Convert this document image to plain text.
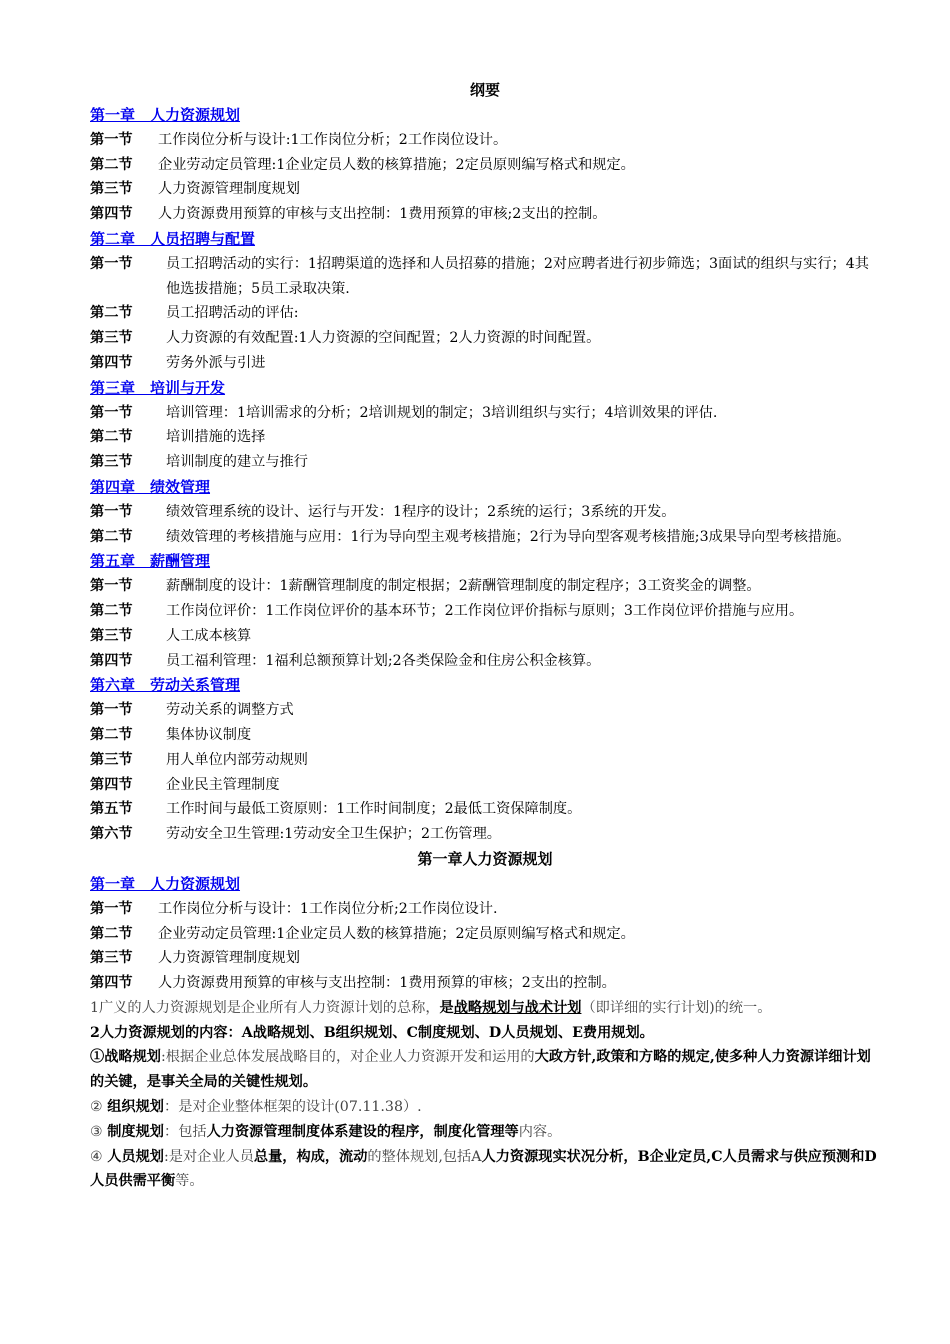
纲要
第一章　人力资源规划
第一节	工作岗位分析与设计:1工作岗位分析；2工作岗位设计。
第二节	企业劳动定员管理:1企业定员人数的核算措施；2定员原则编写格式和规定。
第三节	人力资源管理制度规划
第四节	人力资源费用预算的审核与支出控制：1费用预算的审核;2支出的控制。
第二章　人员招聘与配置
第一节	员工招聘活动的实行：1招聘渠道的选择和人员招募的措施；2对应聘者进行初步筛选；3面试的组织与实行；4其他选拔措施；5员工录取决策.
第二节	员工招聘活动的评估:
第三节	人力资源的有效配置:1人力资源的空间配置；2人力资源的时间配置。
第四节	劳务外派与引进
第三章　培训与开发
第一节	培训管理：1培训需求的分析；2培训规划的制定；3培训组织与实行；4培训效果的评估.
第二节	培训措施的选择
第三节	培训制度的建立与推行
第四章　绩效管理
第一节	绩效管理系统的设计、运行与开发：1程序的设计；2系统的运行；3系统的开发。
第二节	绩效管理的考核措施与应用：1行为导向型主观考核措施；2行为导向型客观考核措施;3成果导向型考核措施。
第五章　薪酬管理
第一节	薪酬制度的设计：1薪酬管理制度的制定根据；2薪酬管理制度的制定程序；3工资奖金的调整。
第二节	工作岗位评价：1工作岗位评价的基本环节；2工作岗位评价指标与原则；3工作岗位评价措施与应用。
第三节	人工成本核算
第四节	员工福利管理：1福利总额预算计划;2各类保险金和住房公积金核算。
第六章　劳动关系管理
第一节	劳动关系的调整方式
第二节	集体协议制度
第三节	用人单位内部劳动规则
第四节	企业民主管理制度
第五节	工作时间与最低工资原则：1工作时间制度；2最低工资保障制度。
第六节	劳动安全卫生管理:1劳动安全卫生保护；2工伤管理。
第一章人力资源规划
第一章　人力资源规划
第一节	工作岗位分析与设计：1工作岗位分析;2工作岗位设计.
第二节	企业劳动定员管理:1企业定员人数的核算措施；2定员原则编写格式和规定。
第三节	人力资源管理制度规划
第四节	人力资源费用预算的审核与支出控制：1费用预算的审核；2支出的控制。
1广义的人力资源规划是企业所有人力资源计划的总称，是战略规划与战术计划（即详细的实行计划)的统一。
2人力资源规划的内容：A战略规划、B组织规划、C制度规划、D人员规划、E费用规划。
①战略规划:根据企业总体发展战略目的，对企业人力资源开发和运用的大政方针,政策和方略的规定,使多种人力资源详细计划的关键，是事关全局的关键性规划。
② 组织规划：是对企业整体框架的设计(07.11.38）.
③ 制度规划：包括人力资源管理制度体系建设的程序，制度化管理等内容。
④ 人员规划:是对企业人员总量，构成，流动的整体规划,包括A人力资源现实状况分析，B企业定员,C人员需求与供应预测和D人员供需平衡等。
